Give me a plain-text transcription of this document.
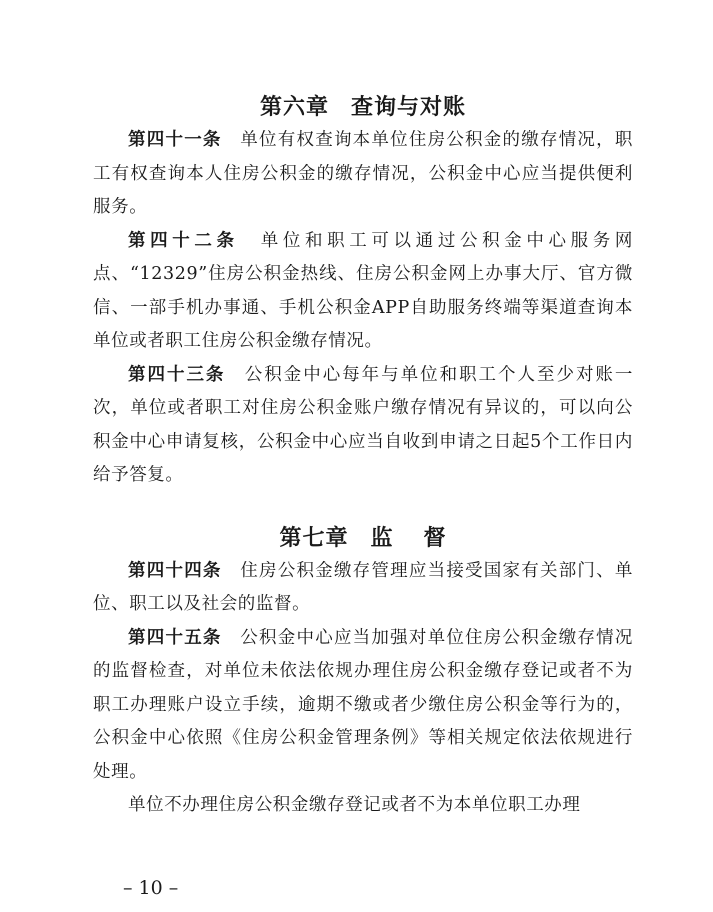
第六章 查询与对账

第四十一条 单位有权查询本单位住房公积金的缴存情况，职工有权查询本人住房公积金的缴存情况，公积金中心应当提供便利服务。

第四十二条 单位和职工可以通过公积金中心服务网点、“12329”住房公积金热线、住房公积金网上办事大厅、官方微信、一部手机办事通、手机公积金APP自助服务终端等渠道查询本单位或者职工住房公积金缴存情况。

第四十三条 公积金中心每年与单位和职工个人至少对账一次，单位或者职工对住房公积金账户缴存情况有异议的，可以向公积金中心申请复核，公积金中心应当自收到申请之日起5个工作日内给予答复。

第七章 监 督

第四十四条 住房公积金缴存管理应当接受国家有关部门、单位、职工以及社会的监督。

第四十五条 公积金中心应当加强对单位住房公积金缴存情况的监督检查，对单位未依法依规办理住房公积金缴存登记或者不为职工办理账户设立手续，逾期不缴或者少缴住房公积金等行为的，公积金中心依照《住房公积金管理条例》等相关规定依法依规进行处理。

单位不办理住房公积金缴存登记或者不为本单位职工办理

– 10 –
